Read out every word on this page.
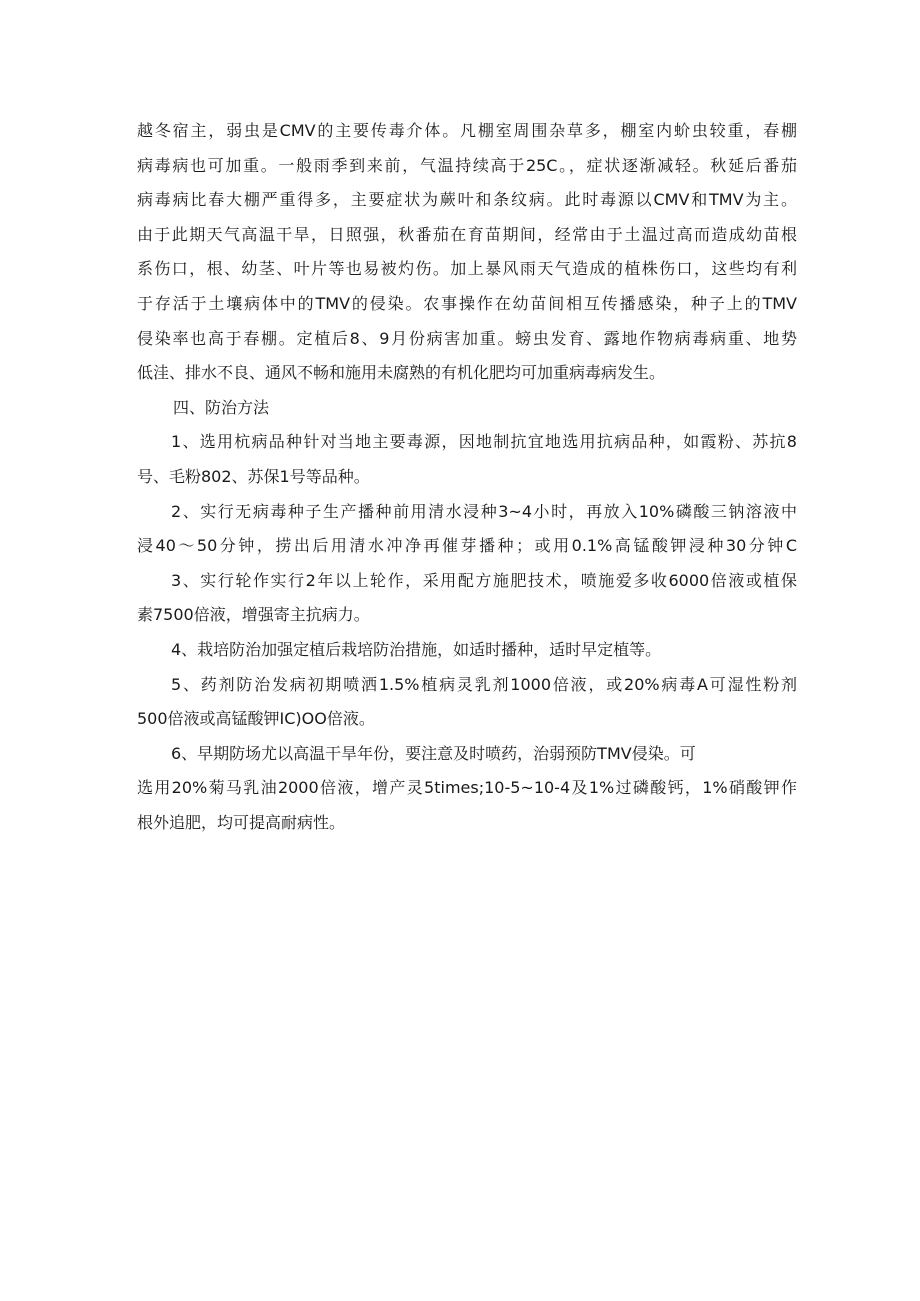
越冬宿主，弱虫是CMV的主要传毒介体。凡棚室周围杂草多，棚室内蚧虫较重，春棚
病毒病也可加重。一般雨季到来前，气温持续高于25C。，症状逐渐减轻。秋延后番茄
病毒病比春大棚严重得多，主要症状为蕨叶和条纹病。此时毒源以CMV和TMV为主。
由于此期天气高温干旱，日照强，秋番茄在育苗期间，经常由于土温过高而造成幼苗根
系伤口，根、幼茎、叶片等也易被灼伤。加上暴风雨天气造成的植株伤口，这些均有利
于存活于土壤病体中的TMV的侵染。农事操作在幼苗间相互传播感染，种子上的TMV
侵染率也高于春棚。定植后8、9月份病害加重。螃虫发育、露地作物病毒病重、地势
低洼、排水不良、通风不畅和施用未腐熟的有机化肥均可加重病毒病发生。
四、防治方法
1、选用杭病品种针对当地主要毒源，因地制抗宜地选用抗病品种，如霞粉、苏抗8
号、毛粉802、苏保1号等品种。
2、实行无病毒种子生产播种前用清水浸种3~4小时，再放入10%磷酸三钠溶液中
浸40～50分钟，捞出后用清水冲净再催芽播种；或用0.1%高锰酸钾浸种30分钟C
3、实行轮作实行2年以上轮作，采用配方施肥技术，喷施爱多收6000倍液或植保
素7500倍液，增强寄主抗病力。
4、栽培防治加强定植后栽培防治措施，如适时播种，适时早定植等。
5、药剂防治发病初期喷洒1.5%植病灵乳剂1000倍液，或20%病毒A可湿性粉剂
500倍液或高锰酸钾IC)OO倍液。
6、早期防场尤以高温干旱年份，要注意及时喷药，治弱预防TMV侵染。可
选用20%菊马乳油2000倍液，增产灵5times;10-5~10-4及1%过磷酸钙，1%硝酸钾作
根外追肥，均可提高耐病性。
